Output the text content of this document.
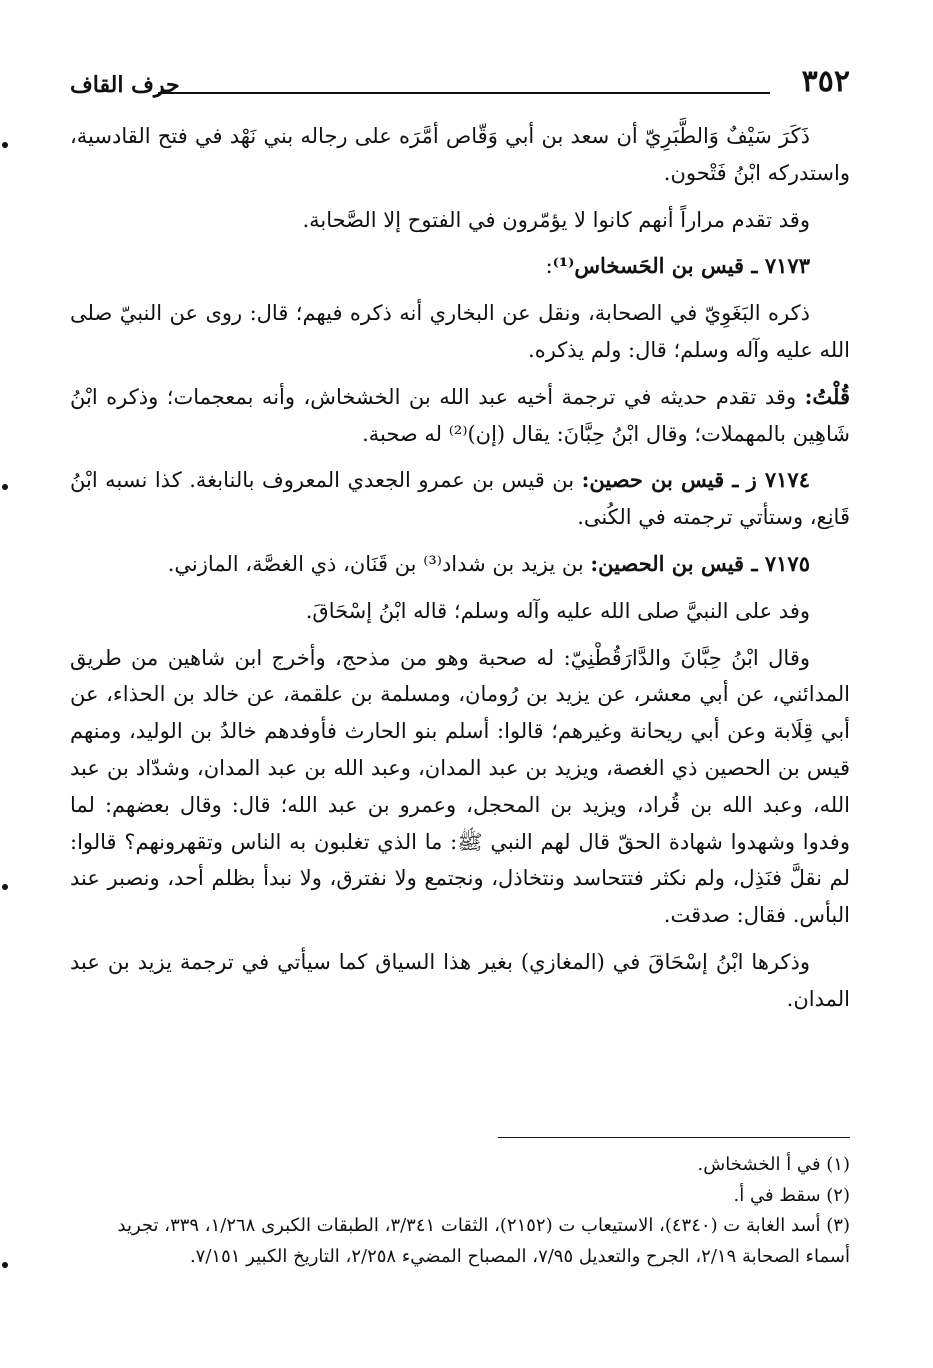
٣٥٢
حرف القاف

ذَكَرَ سَيْفٌ وَالطَّبَرِيّ أن سعد بن أبي وَقّاص أمَّرَه على رجاله بني نَهْد في فتح القادسية، واستدركه ابْنُ فَتْحون.

وقد تقدم مراراً أنهم كانوا لا يؤمّرون في الفتوح إلا الصَّحابة.

٧١٧٣ ـ قيس بن الحَسخاس⁽¹⁾:

ذكره البَغَوِيّ في الصحابة، ونقل عن البخاري أنه ذكره فيهم؛ قال: روى عن النبيّ صلى الله عليه وآله وسلم؛ قال: ولم يذكره.

قُلْتُ: وقد تقدم حديثه في ترجمة أخيه عبد الله بن الخشخاش، وأنه بمعجمات؛ وذكره ابْنُ شَاهِين بالمهملات؛ وقال ابْنُ حِبَّانَ: يقال (إن)⁽²⁾ له صحبة.

٧١٧٤ ز ـ قيس بن حصين: بن قيس بن عمرو الجعدي المعروف بالنابغة. كذا نسبه ابْنُ قَانِع، وستأتي ترجمته في الكُنى.

٧١٧٥ ـ قيس بن الحصين: بن يزيد بن شداد⁽³⁾ بن قَنَان، ذي الغصَّة، المازني.

وفد على النبيَّ صلى الله عليه وآله وسلم؛ قاله ابْنُ إسْحَاقَ.

وقال ابْنُ حِبَّانَ والدَّارَقُطْنِيّ: له صحبة وهو من مذحج، وأخرج ابن شاهين من طريق المدائني، عن أبي معشر، عن يزيد بن رُومان، ومسلمة بن علقمة، عن خالد بن الحذاء، عن أبي قِلَابة وعن أبي ريحانة وغيرهم؛ قالوا: أسلم بنو الحارث فأوفدهم خالدُ بن الوليد، ومنهم قيس بن الحصين ذي الغصة، ويزيد بن عبد المدان، وعبد الله بن عبد المدان، وشدّاد بن عبد الله، وعبد الله بن قُراد، ويزيد بن المحجل، وعمرو بن عبد الله؛ قال: وقال بعضهم: لما وفدوا وشهدوا شهادة الحقّ قال لهم النبي ﷺ: ما الذي تغلبون به الناس وتقهرونهم؟ قالوا: لم نقلَّ فنَذِل، ولم نكثر فتتحاسد ونتخاذل، ونجتمع ولا نفترق، ولا نبدأ بظلم أحد، ونصبر عند البأس. فقال: صدقت.

وذكرها ابْنُ إسْحَاقَ في (المغازي) بغير هذا السياق كما سيأتي في ترجمة يزيد بن عبد المدان.

(١) في أ الخشخاش.

(٢) سقط في أ.

(٣) أسد الغابة ت (٤٣٤٠)، الاستيعاب ت (٢١٥٢)، الثقات ٣/٣٤١، الطبقات الكبرى ١/٢٦٨، ٣٣٩، تجريد أسماء الصحابة ٢/١٩، الجرح والتعديل ٧/٩٥، المصباح المضيء ٢/٢٥٨، التاريخ الكبير ٧/١٥١.
